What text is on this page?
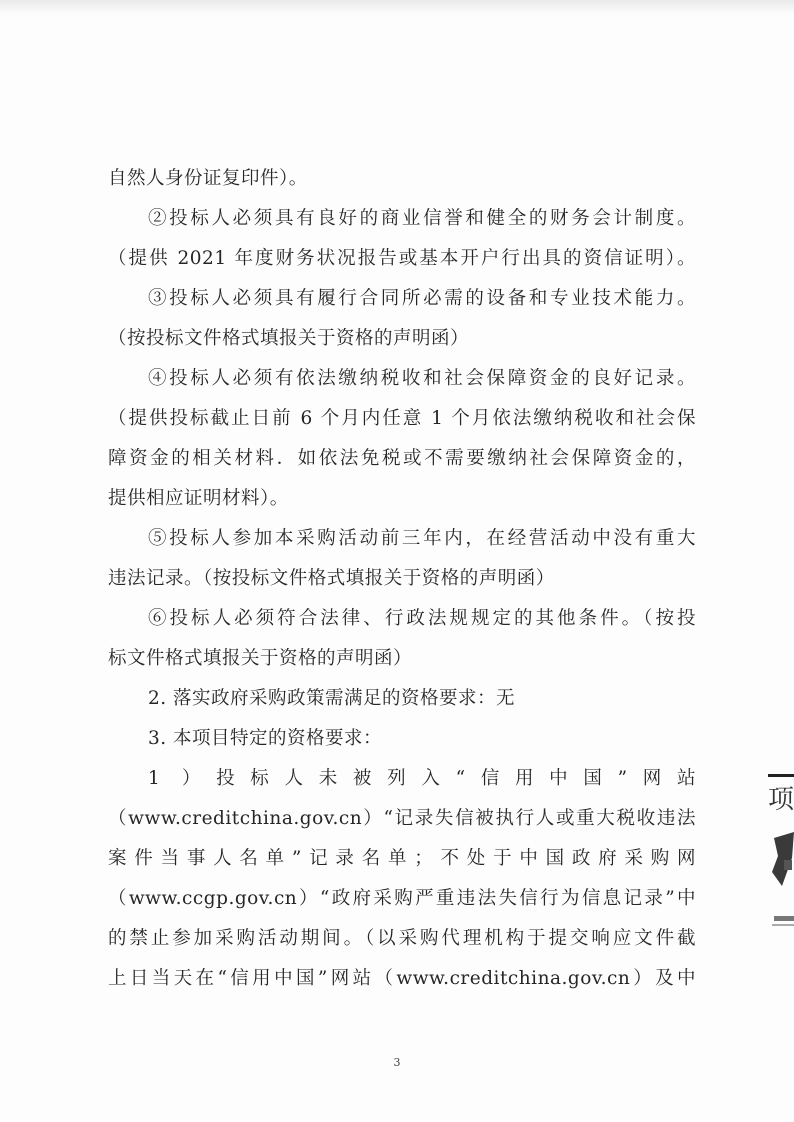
自然人身份证复印件）。
②投标人必须具有良好的商业信誉和健全的财务会计制度。
（提供 2021 年度财务状况报告或基本开户行出具的资信证明）。
③投标人必须具有履行合同所必需的设备和专业技术能力。
（按投标文件格式填报关于资格的声明函）
④投标人必须有依法缴纳税收和社会保障资金的良好记录。
（提供投标截止日前 6 个月内任意 1 个月依法缴纳税收和社会保
障资金的相关材料．如依法免税或不需要缴纳社会保障资金的，
提供相应证明材料）。
⑤投标人参加本采购活动前三年内，在经营活动中没有重大
违法记录。（按投标文件格式填报关于资格的声明函）
⑥投标人必须符合法律、行政法规规定的其他条件。（按投
标文件格式填报关于资格的声明函）
2. 落实政府采购政策需满足的资格要求：无
3. 本项目特定的资格要求：
1 ）投标人未被列入“信用中国”网站
（www.creditchina.gov.cn）“记录失信被执行人或重大税收违法
案件当事人名单”记录名单；不处于中国政府采购网
（www.ccgp.gov.cn）“政府采购严重违法失信行为信息记录”中
的禁止参加采购活动期间。（以采购代理机构于提交响应文件截
上日当天在“信用中国”网站（www.creditchina.gov.cn）及中
3
项
